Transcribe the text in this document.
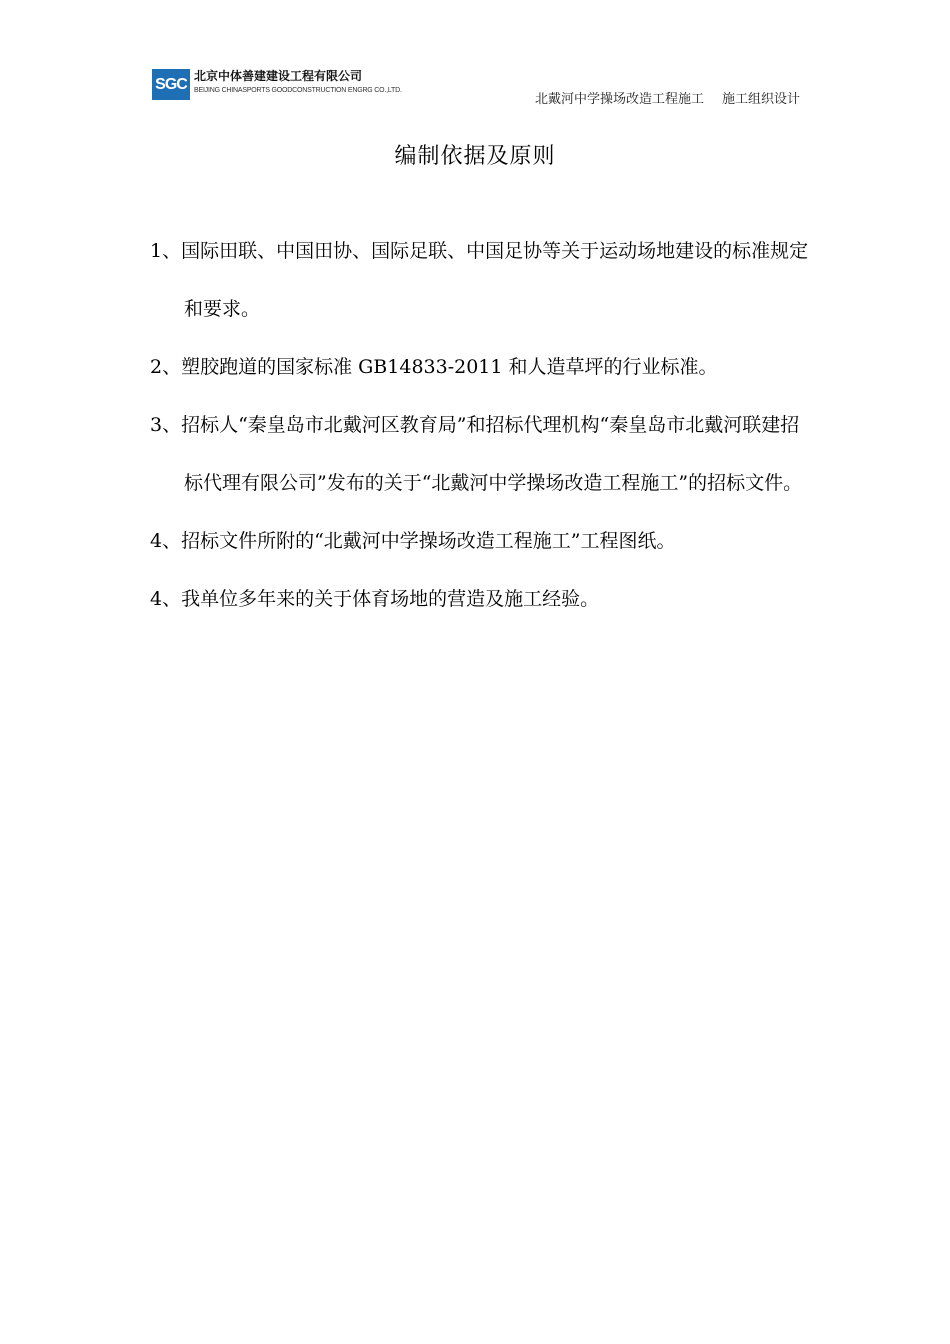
SGC 北京中体善建建设工程有限公司
BEIJING CHINASPORTS GOODCONSTRUCTION ENGRG CO.,LTD.
北戴河中学操场改造工程施工 施工组织设计
编制依据及原则
1、国际田联、中国田协、国际足联、中国足协等关于运动场地建设的标准规定和要求。
2、塑胶跑道的国家标准 GB14833-2011 和人造草坪的行业标准。
3、招标人“秦皇岛市北戴河区教育局”和招标代理机构“秦皇岛市北戴河联建招标代理有限公司”发布的关于“北戴河中学操场改造工程施工”的招标文件。
4、招标文件所附的“北戴河中学操场改造工程施工”工程图纸。
4、我单位多年来的关于体育场地的营造及施工经验。
